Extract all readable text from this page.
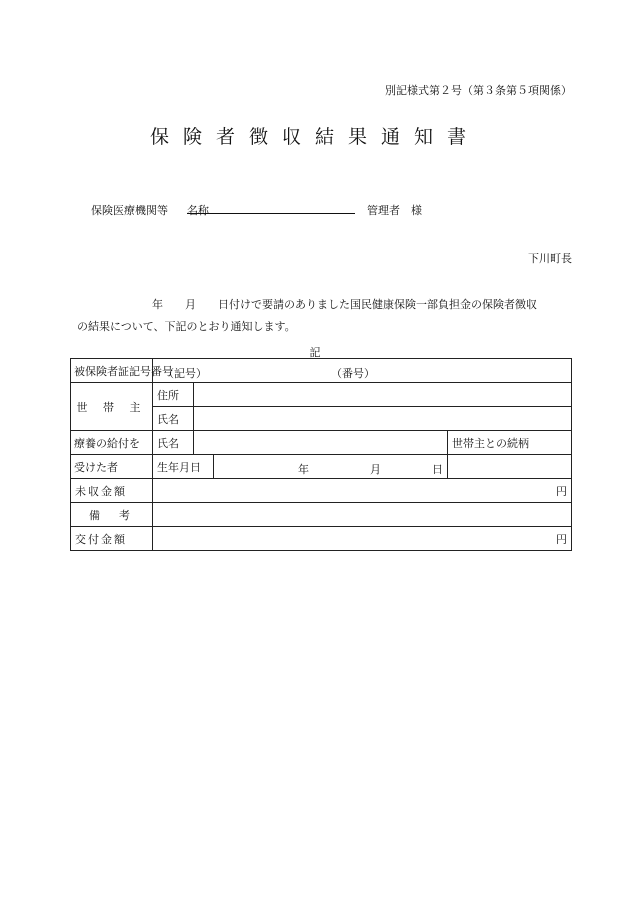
別記様式第２号（第３条第５項関係）
保険者徴収結果通知書
保険医療機関等 名称	管理者　様
下川町長
年 月 日付けで要請のありました国民健康保険一部負担金の保険者徴収
の結果について、下記のとおり通知します。
記
被保険者証記号番号	（記号） （番号）			

世 帯 主	住所			
	氏名			
療養の給付を	氏名			世帯主との続柄
受けた者	生年月日		年 月 日	

未収金額	円			
備　考				
交付金額	円			
